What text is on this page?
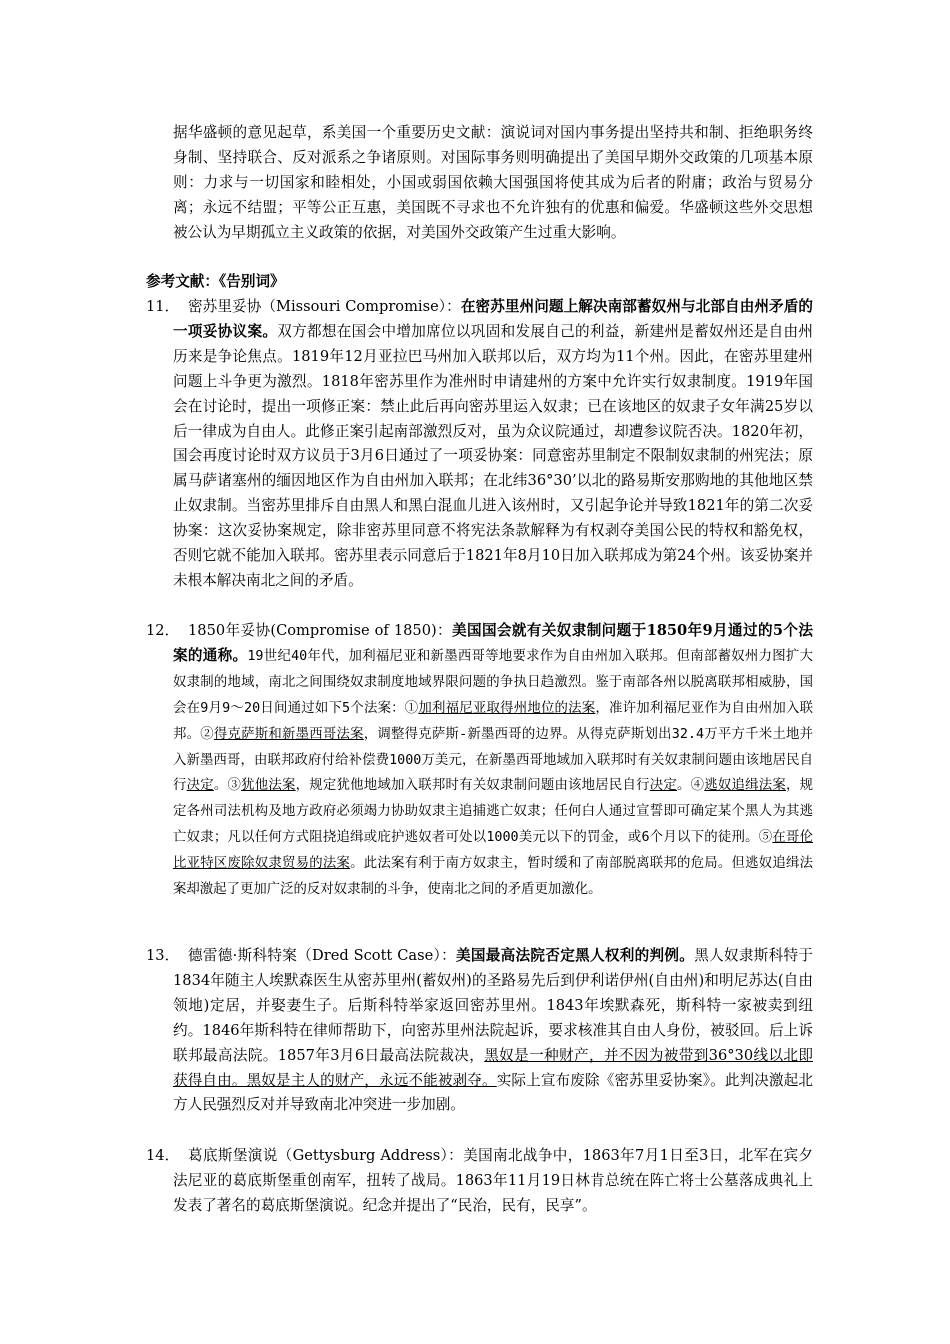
据华盛顿的意见起草，系美国一个重要历史文献：演说词对国内事务提出坚持共和制、拒绝职务终身制、坚持联合、反对派系之争诸原则。对国际事务则明确提出了美国早期外交政策的几项基本原则：力求与一切国家和睦相处，小国或弱国依赖大国强国将使其成为后者的附庸；政治与贸易分离；永远不结盟；平等公正互惠，美国既不寻求也不允许独有的优惠和偏爱。华盛顿这些外交思想被公认为早期孤立主义政策的依据，对美国外交政策产生过重大影响。
参考文献：《告别词》
11． 密苏里妥协（Missouri Compromise）：在密苏里州问题上解决南部蓄奴州与北部自由州矛盾的一项妥协议案。双方都想在国会中增加席位以巩固和发展自己的利益，新建州是蓄奴州还是自由州历来是争论焦点。1819年12月亚拉巴马州加入联邦以后，双方均为11个州。因此，在密苏里建州问题上斗争更为激烈。1818年密苏里作为准州时申请建州的方案中允许实行奴隶制度。1919年国会在讨论时，提出一项修正案：禁止此后再向密苏里运入奴隶；已在该地区的奴隶子女年满25岁以后一律成为自由人。此修正案引起南部激烈反对，虽为众议院通过，却遭参议院否决。1820年初，国会再度讨论时双方议员于3月6日通过了一项妥协案：同意密苏里制定不限制奴隶制的州宪法；原属马萨诸塞州的缅因地区作为自由州加入联邦；在北纬36°30’以北的路易斯安那购地的其他地区禁止奴隶制。当密苏里排斥自由黑人和黑白混血儿进入该州时，又引起争论并导致1821年的第二次妥协案：这次妥协案规定，除非密苏里同意不将宪法条款解释为有权剥夺美国公民的特权和豁免权，否则它就不能加入联邦。密苏里表示同意后于1821年8月10日加入联邦成为第24个州。该妥协案并未根本解决南北之间的矛盾。
12． 1850年妥协(Compromise of 1850)：美国国会就有关奴隶制问题于1850年9月通过的5个法案的通称。19世纪40年代，加利福尼亚和新墨西哥等地要求作为自由州加入联邦。但南部蓄奴州力图扩大奴隶制的地域，南北之间围绕奴隶制度地域界限问题的争执日趋激烈。鉴于南部各州以脱离联邦相威胁，国会在9月9～20日间通过如下5个法案：①加利福尼亚取得州地位的法案，准许加利福尼亚作为自由州加入联邦。②得克萨斯和新墨西哥法案，调整得克萨斯-新墨西哥的边界。从得克萨斯划出32.4万平方千米土地并入新墨西哥，由联邦政府付给补偿费1000万美元，在新墨西哥地域加入联邦时有关奴隶制问题由该地居民自行决定。③犹他法案，规定犹他地域加入联邦时有关奴隶制问题由该地居民自行决定。④逃奴追缉法案，规定各州司法机构及地方政府必须竭力协助奴隶主追捕逃亡奴隶；任何白人通过宣誓即可确定某个黑人为其逃亡奴隶；凡以任何方式阻挠追缉或庇护逃奴者可处以1000美元以下的罚金，或6个月以下的徒刑。⑤在哥伦比亚特区废除奴隶贸易的法案。此法案有利于南方奴隶主，暂时缓和了南部脱离联邦的危局。但逃奴追缉法案却激起了更加广泛的反对奴隶制的斗争，使南北之间的矛盾更加激化。
13． 德雷德·斯科特案（Dred Scott Case）：美国最高法院否定黑人权利的判例。黑人奴隶斯科特于1834年随主人埃默森医生从密苏里州(蓄奴州)的圣路易先后到伊利诺伊州(自由州)和明尼苏达(自由领地)定居，并娶妻生子。后斯科特举家返回密苏里州。1843年埃默森死，斯科特一家被卖到纽约。1846年斯科特在律师帮助下，向密苏里州法院起诉，要求核准其自由人身份，被驳回。后上诉联邦最高法院。1857年3月6日最高法院裁决，黑奴是一种财产，并不因为被带到36°30线以北即获得自由。黑奴是主人的财产，永远不能被剥夺。实际上宣布废除《密苏里妥协案》。此判决激起北方人民强烈反对并导致南北冲突进一步加剧。
14． 葛底斯堡演说（Gettysburg Address）：美国南北战争中，1863年7月1日至3日，北军在宾夕法尼亚的葛底斯堡重创南军，扭转了战局。1863年11月19日林肯总统在阵亡将士公墓落成典礼上发表了著名的葛底斯堡演说。纪念并提出了“民治，民有，民享”。
